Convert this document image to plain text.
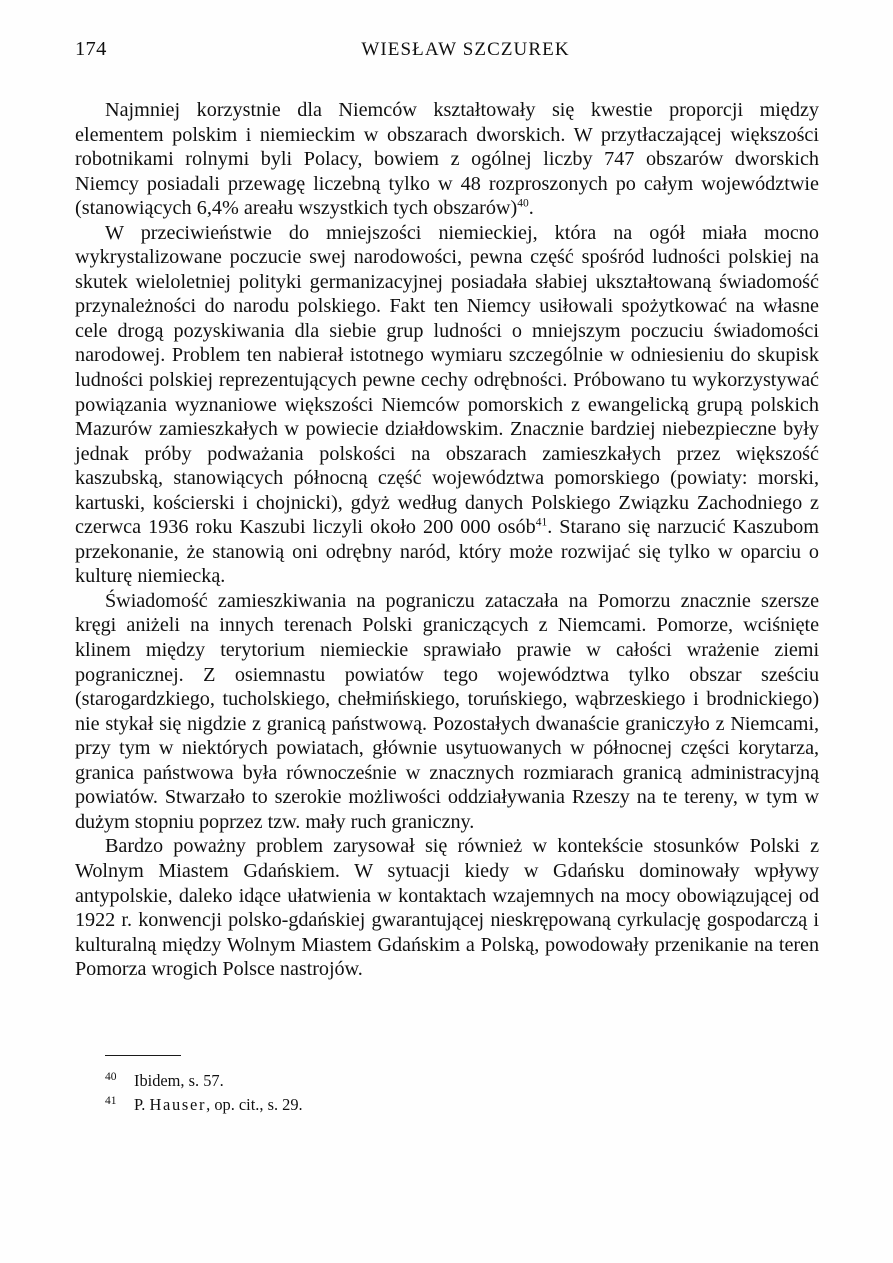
174	WIESŁAW SZCZUREK

Najmniej korzystnie dla Niemców kształtowały się kwestie proporcji między elementem polskim i niemieckim w obszarach dworskich. W przytłaczającej większości robotnikami rolnymi byli Polacy, bowiem z ogólnej liczby 747 obszarów dworskich Niemcy posiadali przewagę liczebną tylko w 48 rozproszonych po całym województwie (stanowiących 6,4% areału wszystkich tych obszarów)$^{40}$.

W przeciwieństwie do mniejszości niemieckiej, która na ogół miała mocno wykrystalizowane poczucie swej narodowości, pewna część spośród ludności polskiej na skutek wieloletniej polityki germanizacyjnej posiadała słabiej ukształtowaną świadomość przynależności do narodu polskiego. Fakt ten Niemcy usiłowali spożytkować na własne cele drogą pozyskiwania dla siebie grup ludności o mniejszym poczuciu świadomości narodowej. Problem ten nabierał istotnego wymiaru szczególnie w odniesieniu do skupisk ludności polskiej reprezentujących pewne cechy odrębności. Próbowano tu wykorzystywać powiązania wyznaniowe większości Niemców pomorskich z ewangelicką grupą polskich Mazurów zamieszkałych w powiecie działdowskim. Znacznie bardziej niebezpieczne były jednak próby podważania polskości na obszarach zamieszkałych przez większość kaszubską, stanowiących północną część województwa pomorskiego (powiaty: morski, kartuski, kościerski i chojnicki), gdyż według danych Polskiego Związku Zachodniego z czerwca 1936 roku Kaszubi liczyli około 200 000 osób$^{41}$. Starano się narzucić Kaszubom przekonanie, że stanowią oni odrębny naród, który może rozwijać się tylko w oparciu o kulturę niemiecką.

Świadomość zamieszkiwania na pograniczu zataczała na Pomorzu znacznie szersze kręgi aniżeli na innych terenach Polski graniczących z Niemcami. Pomorze, wciśnięte klinem między terytorium niemieckie sprawiało prawie w całości wrażenie ziemi pogranicznej. Z osiemnastu powiatów tego województwa tylko obszar sześciu (starogardzkiego, tucholskiego, chełmińskiego, toruńskiego, wąbrzeskiego i brodnickiego) nie stykał się nigdzie z granicą państwową. Pozostałych dwanaście graniczyło z Niemcami, przy tym w niektórych powiatach, głównie usytuowanych w północnej części korytarza, granica państwowa była równocześnie w znacznych rozmiarach granicą administracyjną powiatów. Stwarzało to szerokie możliwości oddziaływania Rzeszy na te tereny, w tym w dużym stopniu poprzez tzw. mały ruch graniczny.

Bardzo poważny problem zarysował się również w kontekście stosunków Polski z Wolnym Miastem Gdańskiem. W sytuacji kiedy w Gdańsku dominowały wpływy antypolskie, daleko idące ułatwienia w kontaktach wzajemnych na mocy obowiązującej od 1922 r. konwencji polsko-gdańskiej gwarantującej nieskrępowaną cyrkulację gospodarczą i kulturalną między Wolnym Miastem Gdańskim a Polską, powodowały przenikanie na teren Pomorza wrogich Polsce nastrojów.

40 Ibidem, s. 57.
41 P. Hauser, op. cit., s. 29.
